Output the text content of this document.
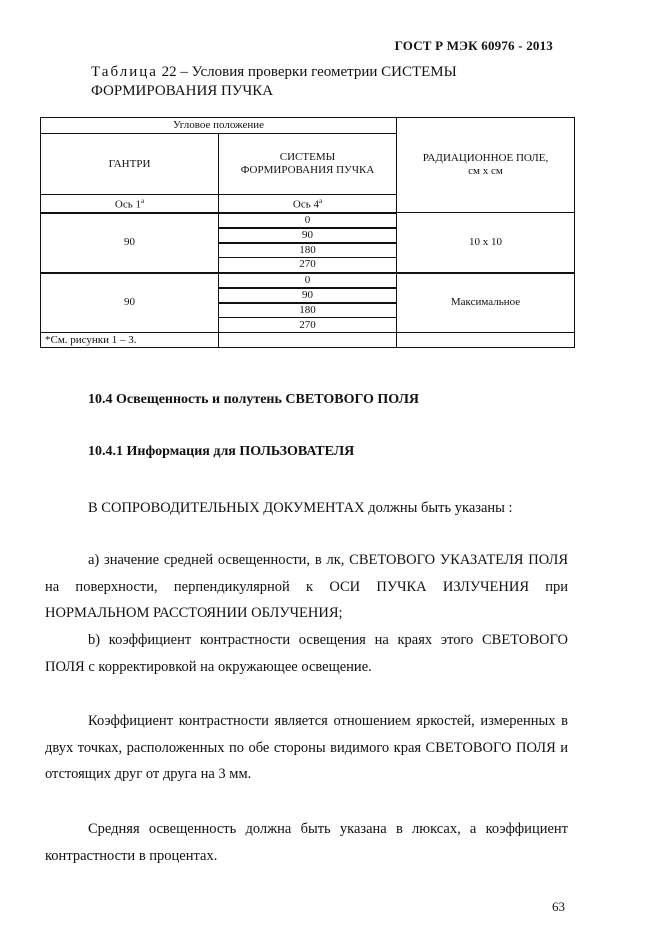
ГОСТ Р МЭК 60976 - 2013
Таблица 22 – Условия проверки геометрии СИСТЕМЫ
ФОРМИРОВАНИЯ ПУЧКА
Угловое положение		РАДИАЦИОННОЕ ПОЛЕ,
см х см
ГАНТРИ	СИСТЕМЫ
ФОРМИРОВАНИЯ ПУЧКА	
Ось 1$^a$	Ось 4$^a$
90	0	10 х 10
	90	
	180	
	270	
90	0	Максимальное
	90	
	180	
	270	
*См. рисунки 1 – 3.		
10.4 Освещенность и полутень СВЕТОВОГО ПОЛЯ
10.4.1 Информация для ПОЛЬЗОВАТЕЛЯ
В СОПРОВОДИТЕЛЬНЫХ ДОКУМЕНТАХ должны быть указаны :
a) значение средней освещенности, в лк, СВЕТОВОГО УКАЗАТЕЛЯ ПОЛЯ на поверхности, перпендикулярной к ОСИ ПУЧКА ИЗЛУЧЕНИЯ при НОРМАЛЬНОМ РАССТОЯНИИ ОБЛУЧЕНИЯ;
b) коэффициент контрастности освещения на краях этого СВЕТОВОГО ПОЛЯ с корректировкой на окружающее освещение.
Коэффициент контрастности является отношением яркостей, измеренных в двух точках, расположенных по обе стороны видимого края СВЕТОВОГО ПОЛЯ и отстоящих друг от друга на 3 мм.
Средняя освещенность должна быть указана в люксах, а коэффициент контрастности в процентах.
63
